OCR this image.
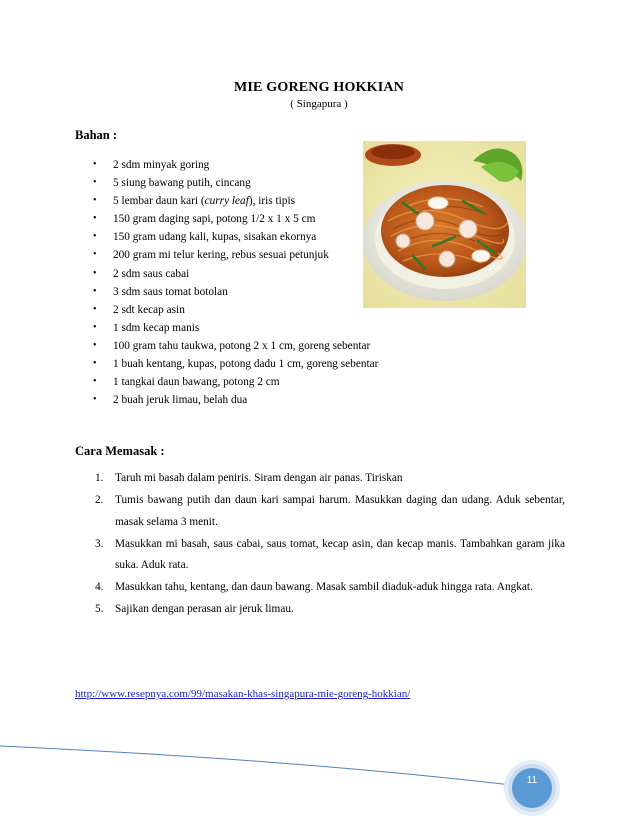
MIE GORENG HOKKIAN
( Singapura )
Bahan :
• 2 sdm minyak goring
• 5 siung bawang putih, cincang
• 5 lembar daun kari (curry leaf), iris tipis
• 150 gram daging sapi, potong 1/2 x 1 x 5 cm
• 150 gram udang kali, kupas, sisakan ekornya
• 200 gram mi telur kering, rebus sesuai petunjuk
• 2 sdm saus cabai
• 3 sdm saus tomat botolan
• 2 sdt kecap asin
• 1 sdm kecap manis
• 100 gram tahu taukwa, potong 2 x 1 cm, goreng sebentar
• 1 buah kentang, kupas, potong dadu 1 cm, goreng sebentar
• 1 tangkai daun bawang, potong 2 cm
• 2 buah jeruk limau, belah dua
Cara Memasak :
1. Taruh mi basah dalam peniris. Siram dengan air panas. Tiriskan
2. Tumis bawang putih dan daun kari sampai harum. Masukkan daging dan udang. Aduk sebentar, masak selama 3 menit.
3. Masukkan mi basah, saus cabai, saus tomat, kecap asin, dan kecap manis. Tambahkan garam jika suka. Aduk rata.
4. Masukkan tahu, kentang, dan daun bawang. Masak sambil diaduk-aduk hingga rata. Angkat.
5. Sajikan dengan perasan air jeruk limau.
http://www.resepnya.com/99/masakan-khas-singapura-mie-goreng-hokkian/
11
